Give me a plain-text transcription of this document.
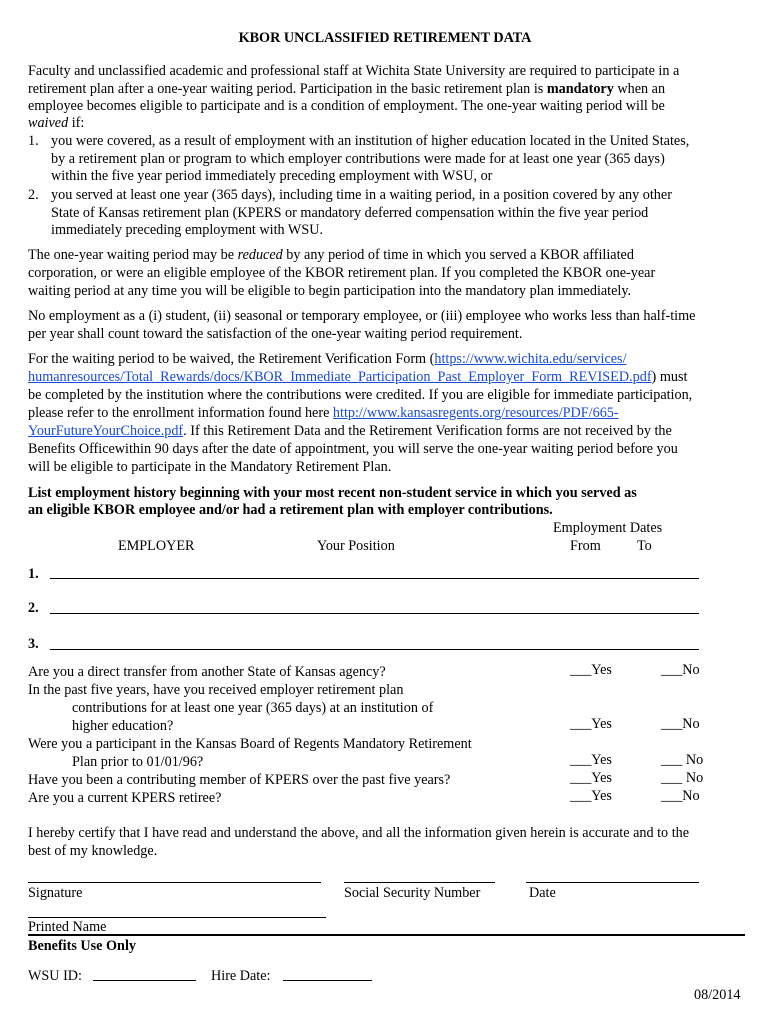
KBOR UNCLASSIFIED RETIREMENT DATA
Faculty and unclassified academic and professional staff at Wichita State University are required to participate in a
retirement plan after a one-year waiting period. Participation in the basic retirement plan is mandatory when an
employee becomes eligible to participate and is a condition of employment. The one-year waiting period will be
waived if:
1. you were covered, as a result of employment with an institution of higher education located in the United States,
by a retirement plan or program to which employer contributions were made for at least one year (365 days)
within the five year period immediately preceding employment with WSU, or
2. you served at least one year (365 days), including time in a waiting period, in a position covered by any other
State of Kansas retirement plan (KPERS or mandatory deferred compensation within the five year period
immediately preceding employment with WSU.
The one-year waiting period may be reduced by any period of time in which you served a KBOR affiliated
corporation, or were an eligible employee of the KBOR retirement plan. If you completed the KBOR one-year
waiting period at any time you will be eligible to begin participation into the mandatory plan immediately.
No employment as a (i) student, (ii) seasonal or temporary employee, or (iii) employee who works less than half-time
per year shall count toward the satisfaction of the one-year waiting period requirement.
For the waiting period to be waived, the Retirement Verification Form (https://www.wichita.edu/services/
humanresources/Total_Rewards/docs/KBOR_Immediate_Participation_Past_Employer_Form_REVISED.pdf) must
be completed by the institution where the contributions were credited. If you are eligible for immediate participation,
please refer to the enrollment information found here http://www.kansasregents.org/resources/PDF/665-
YourFutureYourChoice.pdf. If this Retirement Data and the Retirement Verification forms are not received by the
Benefits Officewithin 90 days after the date of appointment, you will serve the one-year waiting period before you
will be eligible to participate in the Mandatory Retirement Plan.
List employment history beginning with your most recent non-student service in which you served as
an eligible KBOR employee and/or had a retirement plan with employer contributions.
Employment Dates
EMPLOYER	Your Position	From	To
1.
2.
3.
Are you a direct transfer from another State of Kansas agency?	___Yes	___No
In the past five years, have you received employer retirement plan
contributions for at least one year (365 days) at an institution of
higher education?	___Yes	___No
Were you a participant in the Kansas Board of Regents Mandatory Retirement
Plan prior to 01/01/96?	___Yes	___ No
Have you been a contributing member of KPERS over the past five years?	___Yes	___ No
Are you a current KPERS retiree?	___Yes	___No
I hereby certify that I have read and understand the above, and all the information given herein is accurate and to the
best of my knowledge.
Signature	Social Security Number	Date
Printed Name
Benefits Use Only
WSU ID:	Hire Date:
08/2014
